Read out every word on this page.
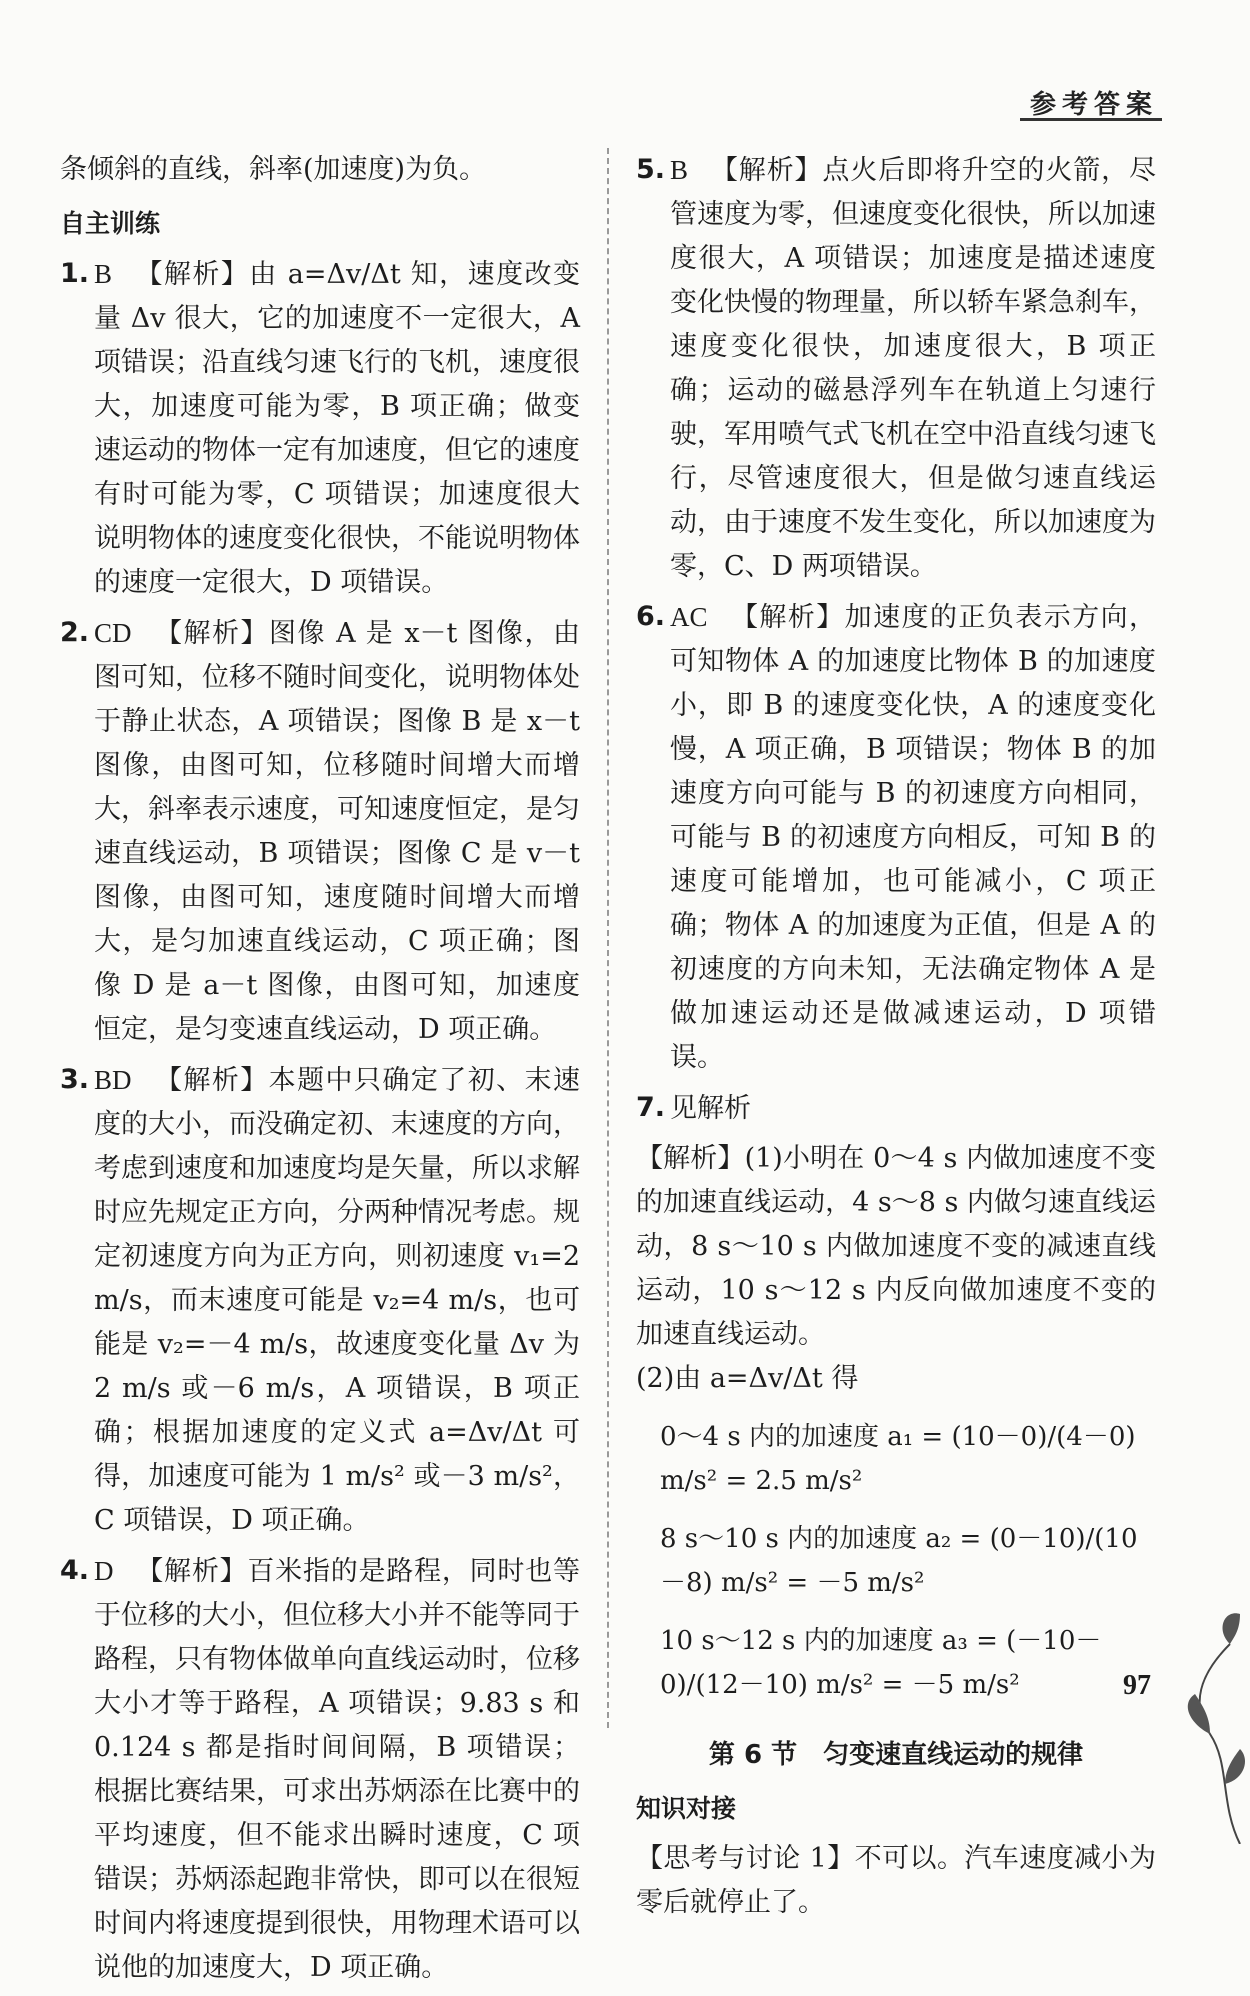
参考答案

条倾斜的直线，斜率(加速度)为负。

自主训练
1. B 【解析】由 a=Δv/Δt 知，速度改变量 Δv 很大，它的加速度不一定很大，A 项错误；沿直线匀速飞行的飞机，速度很大，加速度可能为零，B 项正确；做变速运动的物体一定有加速度，但它的速度有时可能为零，C 项错误；加速度很大说明物体的速度变化很快，不能说明物体的速度一定很大，D 项错误。
2. CD 【解析】图像 A 是 x－t 图像，由图可知，位移不随时间变化，说明物体处于静止状态，A 项错误；图像 B 是 x－t 图像，由图可知，位移随时间增大而增大，斜率表示速度，可知速度恒定，是匀速直线运动，B 项错误；图像 C 是 v－t 图像，由图可知，速度随时间增大而增大，是匀加速直线运动，C 项正确；图像 D 是 a－t 图像，由图可知，加速度恒定，是匀变速直线运动，D 项正确。
3. BD 【解析】本题中只确定了初、末速度的大小，而没确定初、末速度的方向，考虑到速度和加速度均是矢量，所以求解时应先规定正方向，分两种情况考虑。规定初速度方向为正方向，则初速度 v₁=2 m/s，而末速度可能是 v₂=4 m/s，也可能是 v₂=－4 m/s，故速度变化量 Δv 为 2 m/s 或－6 m/s，A 项错误，B 项正确；根据加速度的定义式 a=Δv/Δt 可得，加速度可能为 1 m/s² 或－3 m/s²，C 项错误，D 项正确。
4. D 【解析】百米指的是路程，同时也等于位移的大小，但位移大小并不能等同于路程，只有物体做单向直线运动时，位移大小才等于路程，A 项错误；9.83 s 和 0.124 s 都是指时间间隔，B 项错误；根据比赛结果，可求出苏炳添在比赛中的平均速度，但不能求出瞬时速度，C 项错误；苏炳添起跑非常快，即可以在很短时间内将速度提到很快，用物理术语可以说他的加速度大，D 项正确。
5. B 【解析】点火后即将升空的火箭，尽管速度为零，但速度变化很快，所以加速度很大，A 项错误；加速度是描述速度变化快慢的物理量，所以轿车紧急刹车，速度变化很快，加速度很大，B 项正确；运动的磁悬浮列车在轨道上匀速行驶，军用喷气式飞机在空中沿直线匀速飞行，尽管速度很大，但是做匀速直线运动，由于速度不发生变化，所以加速度为零，C、D 两项错误。
6. AC 【解析】加速度的正负表示方向，可知物体 A 的加速度比物体 B 的加速度小，即 B 的速度变化快，A 的速度变化慢，A 项正确，B 项错误；物体 B 的加速度方向可能与 B 的初速度方向相同，可能与 B 的初速度方向相反，可知 B 的速度可能增加，也可能减小，C 项正确；物体 A 的加速度为正值，但是 A 的初速度的方向未知，无法确定物体 A 是做加速运动还是做减速运动，D 项错误。
7. 见解析

【解析】(1)小明在 0～4 s 内做加速度不变的加速直线运动，4 s～8 s 内做匀速直线运动，8 s～10 s 内做加速度不变的减速直线运动，10 s～12 s 内反向做加速度不变的加速直线运动。

(2)由 a=Δv/Δt 得

0～4 s 内的加速度 a₁ = (10－0)/(4－0) m/s² = 2.5 m/s²
8 s～10 s 内的加速度 a₂ = (0－10)/(10－8) m/s² = －5 m/s²
10 s～12 s 内的加速度 a₃ = (－10－0)/(12－10) m/s² = －5 m/s²
第 6 节　匀变速直线运动的规律
知识对接

【思考与讨论 1】不可以。汽车速度减小为零后就停止了。

97
